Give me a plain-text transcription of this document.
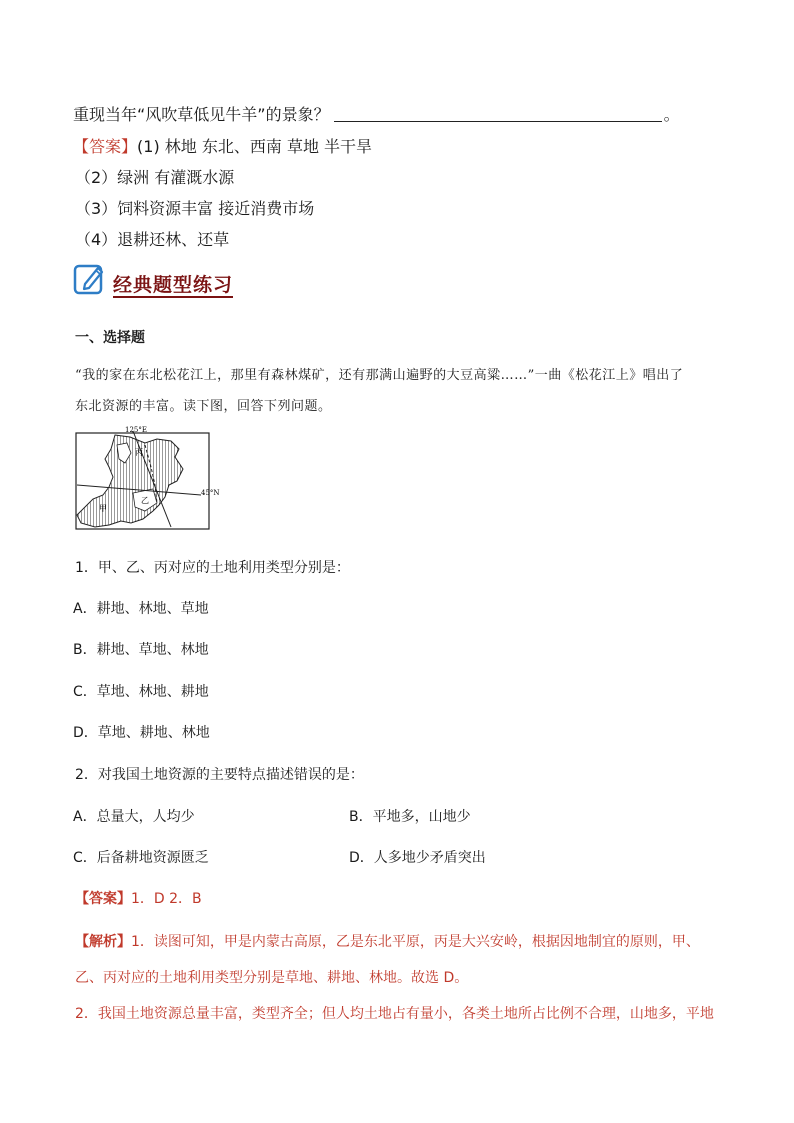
重现当年“风吹草低见牛羊”的景象？	。
【答案】(1) 林地 东北、西南 草地 半干旱
（2）绿洲 有灌溉水源
（3）饲料资源丰富 接近消费市场
（4）退耕还林、还草
经典题型练习
一、选择题
“我的家在东北松花江上，那里有森林煤矿，还有那满山遍野的大豆高粱……”一曲《松花江上》唱出了
东北资源的丰富。读下图，回答下列问题。
125°E
45°N
丙
乙
甲
1．甲、乙、丙对应的土地利用类型分别是：
A．耕地、林地、草地
B．耕地、草地、林地
C．草地、林地、耕地
D．草地、耕地、林地
2．对我国土地资源的主要特点描述错误的是：
A．总量大，人均少	B．平地多，山地少
C．后备耕地资源匮乏	D．人多地少矛盾突出
【答案】1．D 2．B
【解析】1．读图可知，甲是内蒙古高原，乙是东北平原，丙是大兴安岭，根据因地制宜的原则，甲、
乙、丙对应的土地利用类型分别是草地、耕地、林地。故选 D。
2．我国土地资源总量丰富，类型齐全；但人均土地占有量小，各类土地所占比例不合理，山地多，平地
